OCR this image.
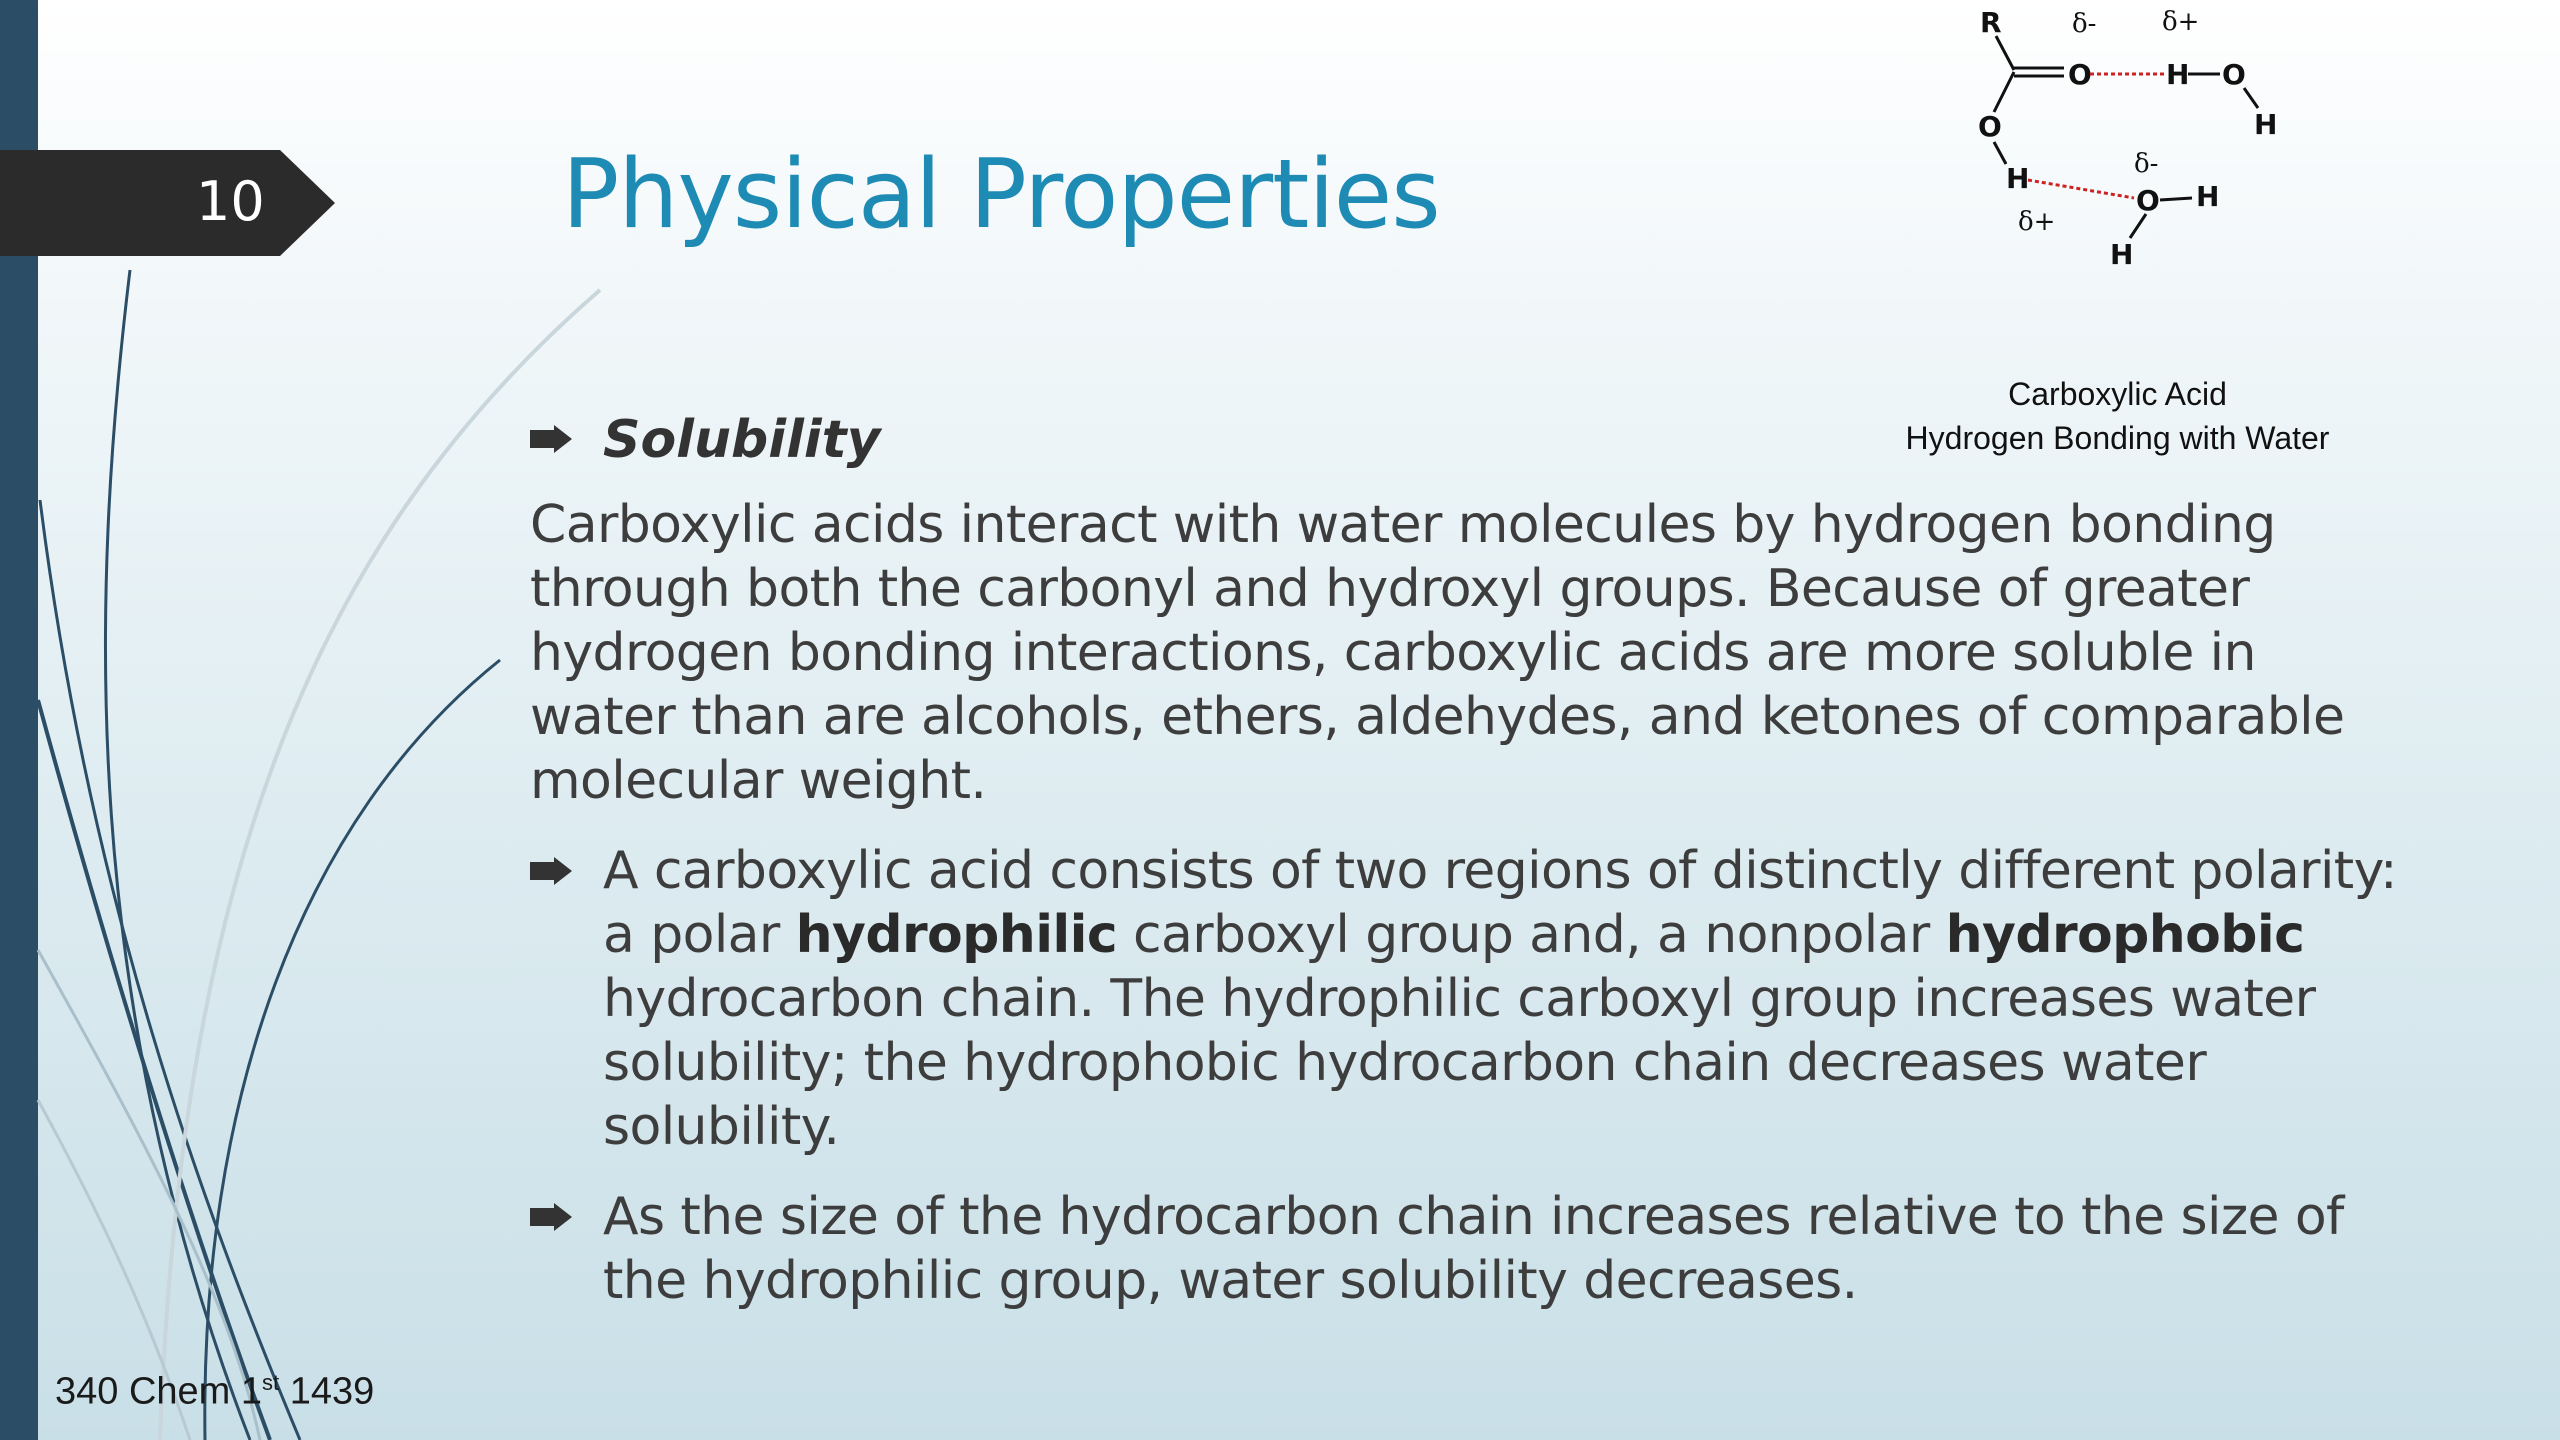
10	Physical Properties
R
O
O
H
H O
H
O H
H
δ-	δ+
δ-
δ+
Carboxylic Acid
Hydrogen Bonding with Water
Solubility

Carboxylic acids interact with water molecules by hydrogen bonding through both the carbonyl and hydroxyl groups. Because of greater hydrogen bonding interactions, carboxylic acids are more soluble in water than are alcohols, ethers, aldehydes, and ketones of comparable molecular weight.

A carboxylic acid consists of two regions of distinctly different polarity: a polar hydrophilic carboxyl group and, a nonpolar hydrophobic hydrocarbon chain. The hydrophilic carboxyl group increases water solubility; the hydrophobic hydrocarbon chain decreases water solubility.

As the size of the hydrocarbon chain increases relative to the size of the hydrophilic group, water solubility decreases.

340 Chem 1st 1439
